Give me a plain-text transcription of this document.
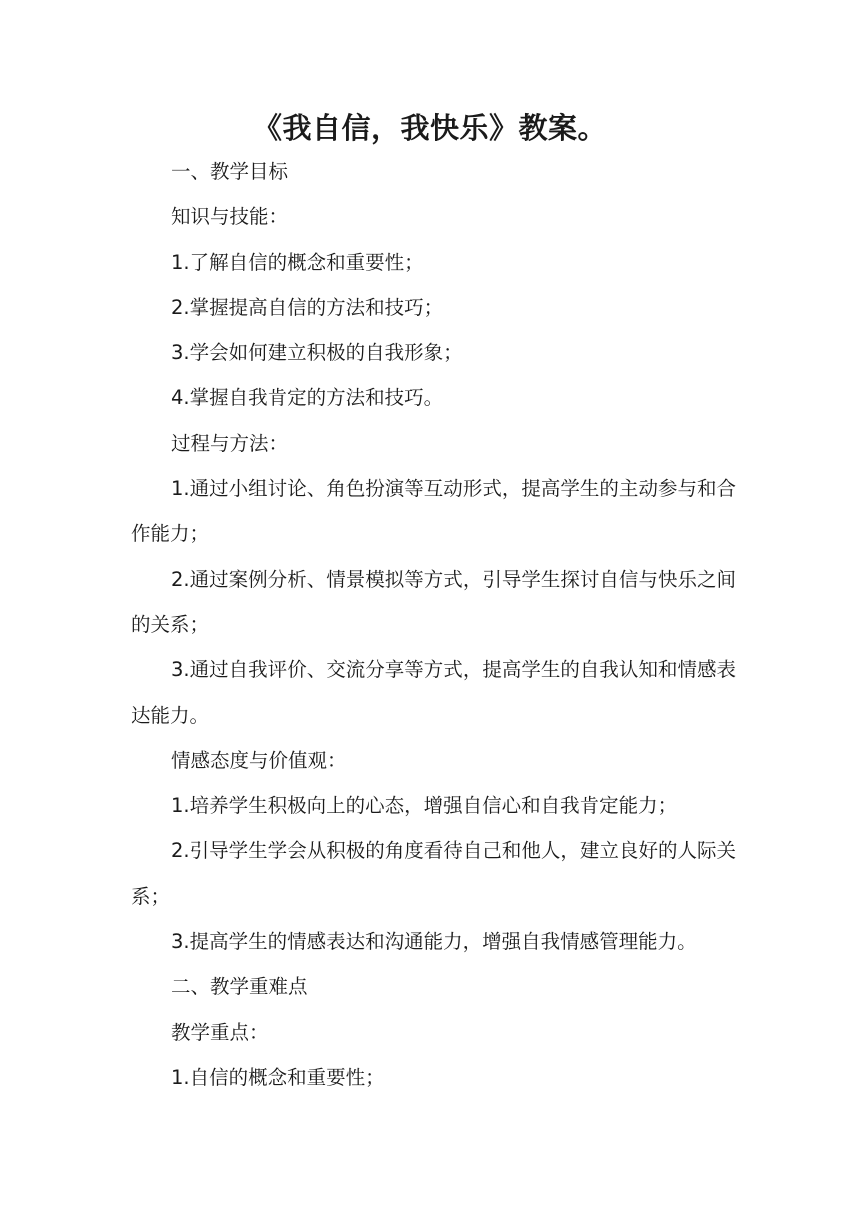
《我自信，我快乐》教案。

一、教学目标

知识与技能：

1.了解自信的概念和重要性；

2.掌握提高自信的方法和技巧；

3.学会如何建立积极的自我形象；

4.掌握自我肯定的方法和技巧。

过程与方法：

1.通过小组讨论、角色扮演等互动形式，提高学生的主动参与和合作能力；

2.通过案例分析、情景模拟等方式，引导学生探讨自信与快乐之间的关系；

3.通过自我评价、交流分享等方式，提高学生的自我认知和情感表达能力。

情感态度与价值观：

1.培养学生积极向上的心态，增强自信心和自我肯定能力；

2.引导学生学会从积极的角度看待自己和他人，建立良好的人际关系；

3.提高学生的情感表达和沟通能力，增强自我情感管理能力。

二、教学重难点

教学重点：

1.自信的概念和重要性；
